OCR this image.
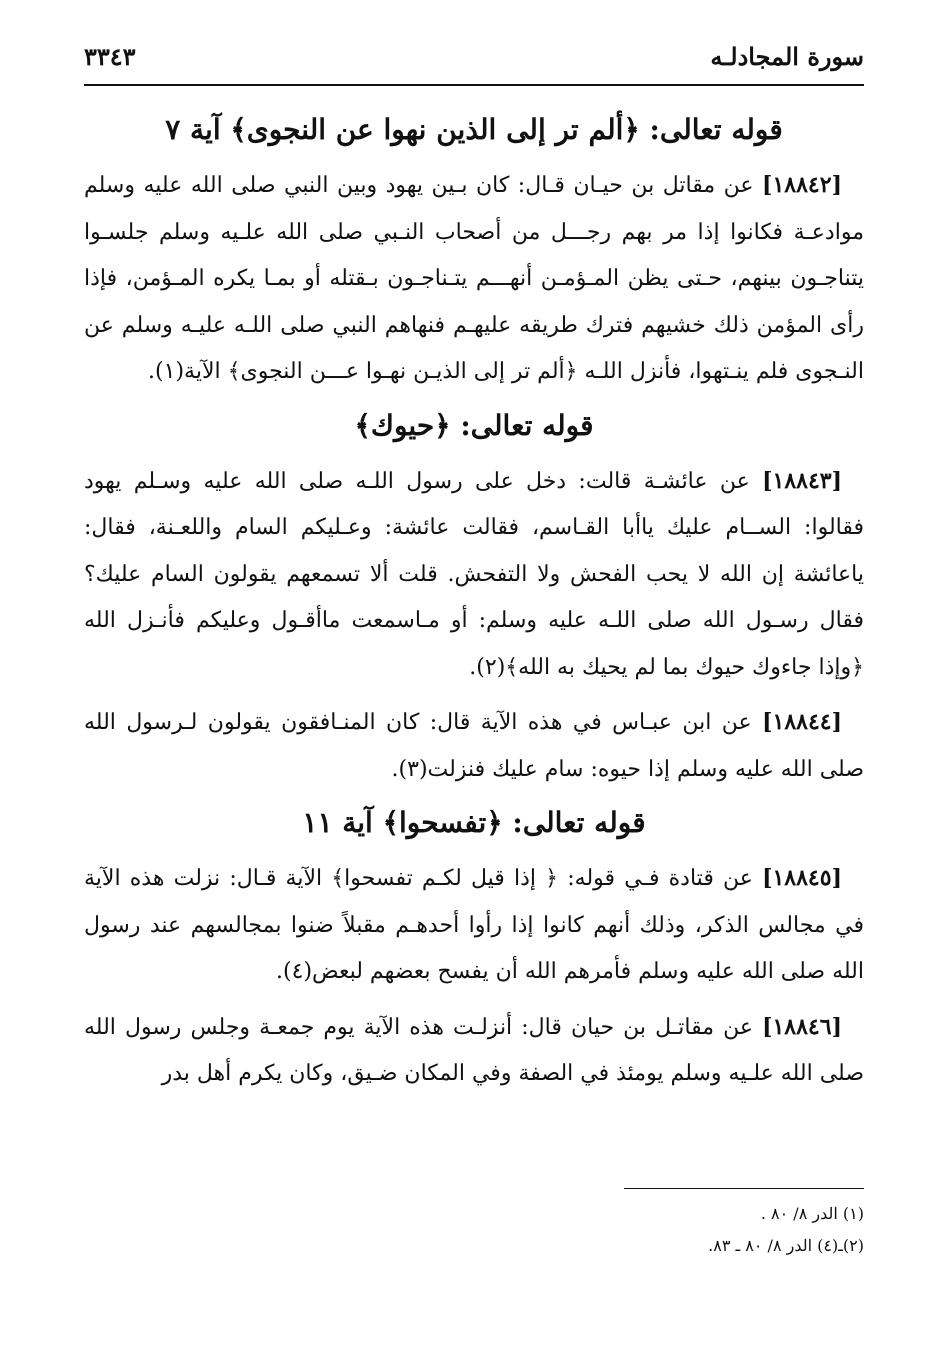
سورة المجادلـه
٣٣٤٣
قوله تعالى: ﴿ألم تر إلى الذين نهوا عن النجوى﴾ آية ٧

[١٨٨٤٢] عن مقاتل بن حيـان قـال: كان بـين يهود وبين النبي صلى الله عليه وسلم موادعـة فكانوا إذا مر بهم رجـــل من أصحاب النـبي صلى الله علـيه وسلم جلسـوا يتناجـون بينهم، حـتى يظن المـؤمـن أنهـــم يتـناجـون بـقتله أو بمـا يكره المـؤمن، فإذا رأى المؤمن ذلك خشيهم فترك طريقه عليهـم فنهاهم النبي صلى اللـه عليـه وسلم عن النـجوى فلم ينـتهوا، فأنزل اللـه ﴿ألم تر إلى الذيـن نهـوا عـــن النجوى﴾ الآية(١).

قوله تعالى: ﴿حيوك﴾

[١٨٨٤٣] عن عائشـة قالت: دخل على رسول اللـه صلى الله عليه وسـلم يهود فقالوا: الســام عليك ياأبا القـاسم، فقالت عائشة: وعـليكم السام واللعـنة، فقال: ياعائشة إن الله لا يحب الفحش ولا التفحش. قلت ألا تسمعهم يقولون السام عليك؟ فقال رسـول الله صلى اللـه عليه وسلم: أو مـاسمعت ماأقـول وعليكم فأنـزل الله ﴿وإذا جاءوك حيوك بما لم يحيك به الله﴾(٢).

[١٨٨٤٤] عن ابن عبـاس في هذه الآية قال: كان المنـافقون يقولون لـرسول الله صلى الله عليه وسلم إذا حيوه: سام عليك فنزلت(٣).

قوله تعالى: ﴿تفسحوا﴾ آية ١١

[١٨٨٤٥] عن قتادة فـي قوله: ﴿ إذا قيل لكـم تفسحوا﴾ الآية قـال: نزلت هذه الآية في مجالس الذكر، وذلك أنهم كانوا إذا رأوا أحدهـم مقبلاً ضنوا بمجالسهم عند رسول الله صلى الله عليه وسلم فأمرهم الله أن يفسح بعضهم لبعض(٤).

[١٨٨٤٦] عن مقاتـل بن حيان قال: أنزلـت هذه الآية يوم جمعـة وجلس رسول الله صلى الله علـيه وسلم يومئذ في الصفة وفي المكان ضـيق، وكان يكرم أهل بدر

(١) الدر ٨/ ٨٠ .
(٢)ـ(٤) الدر ٨/ ٨٠ ـ ٨٣.
